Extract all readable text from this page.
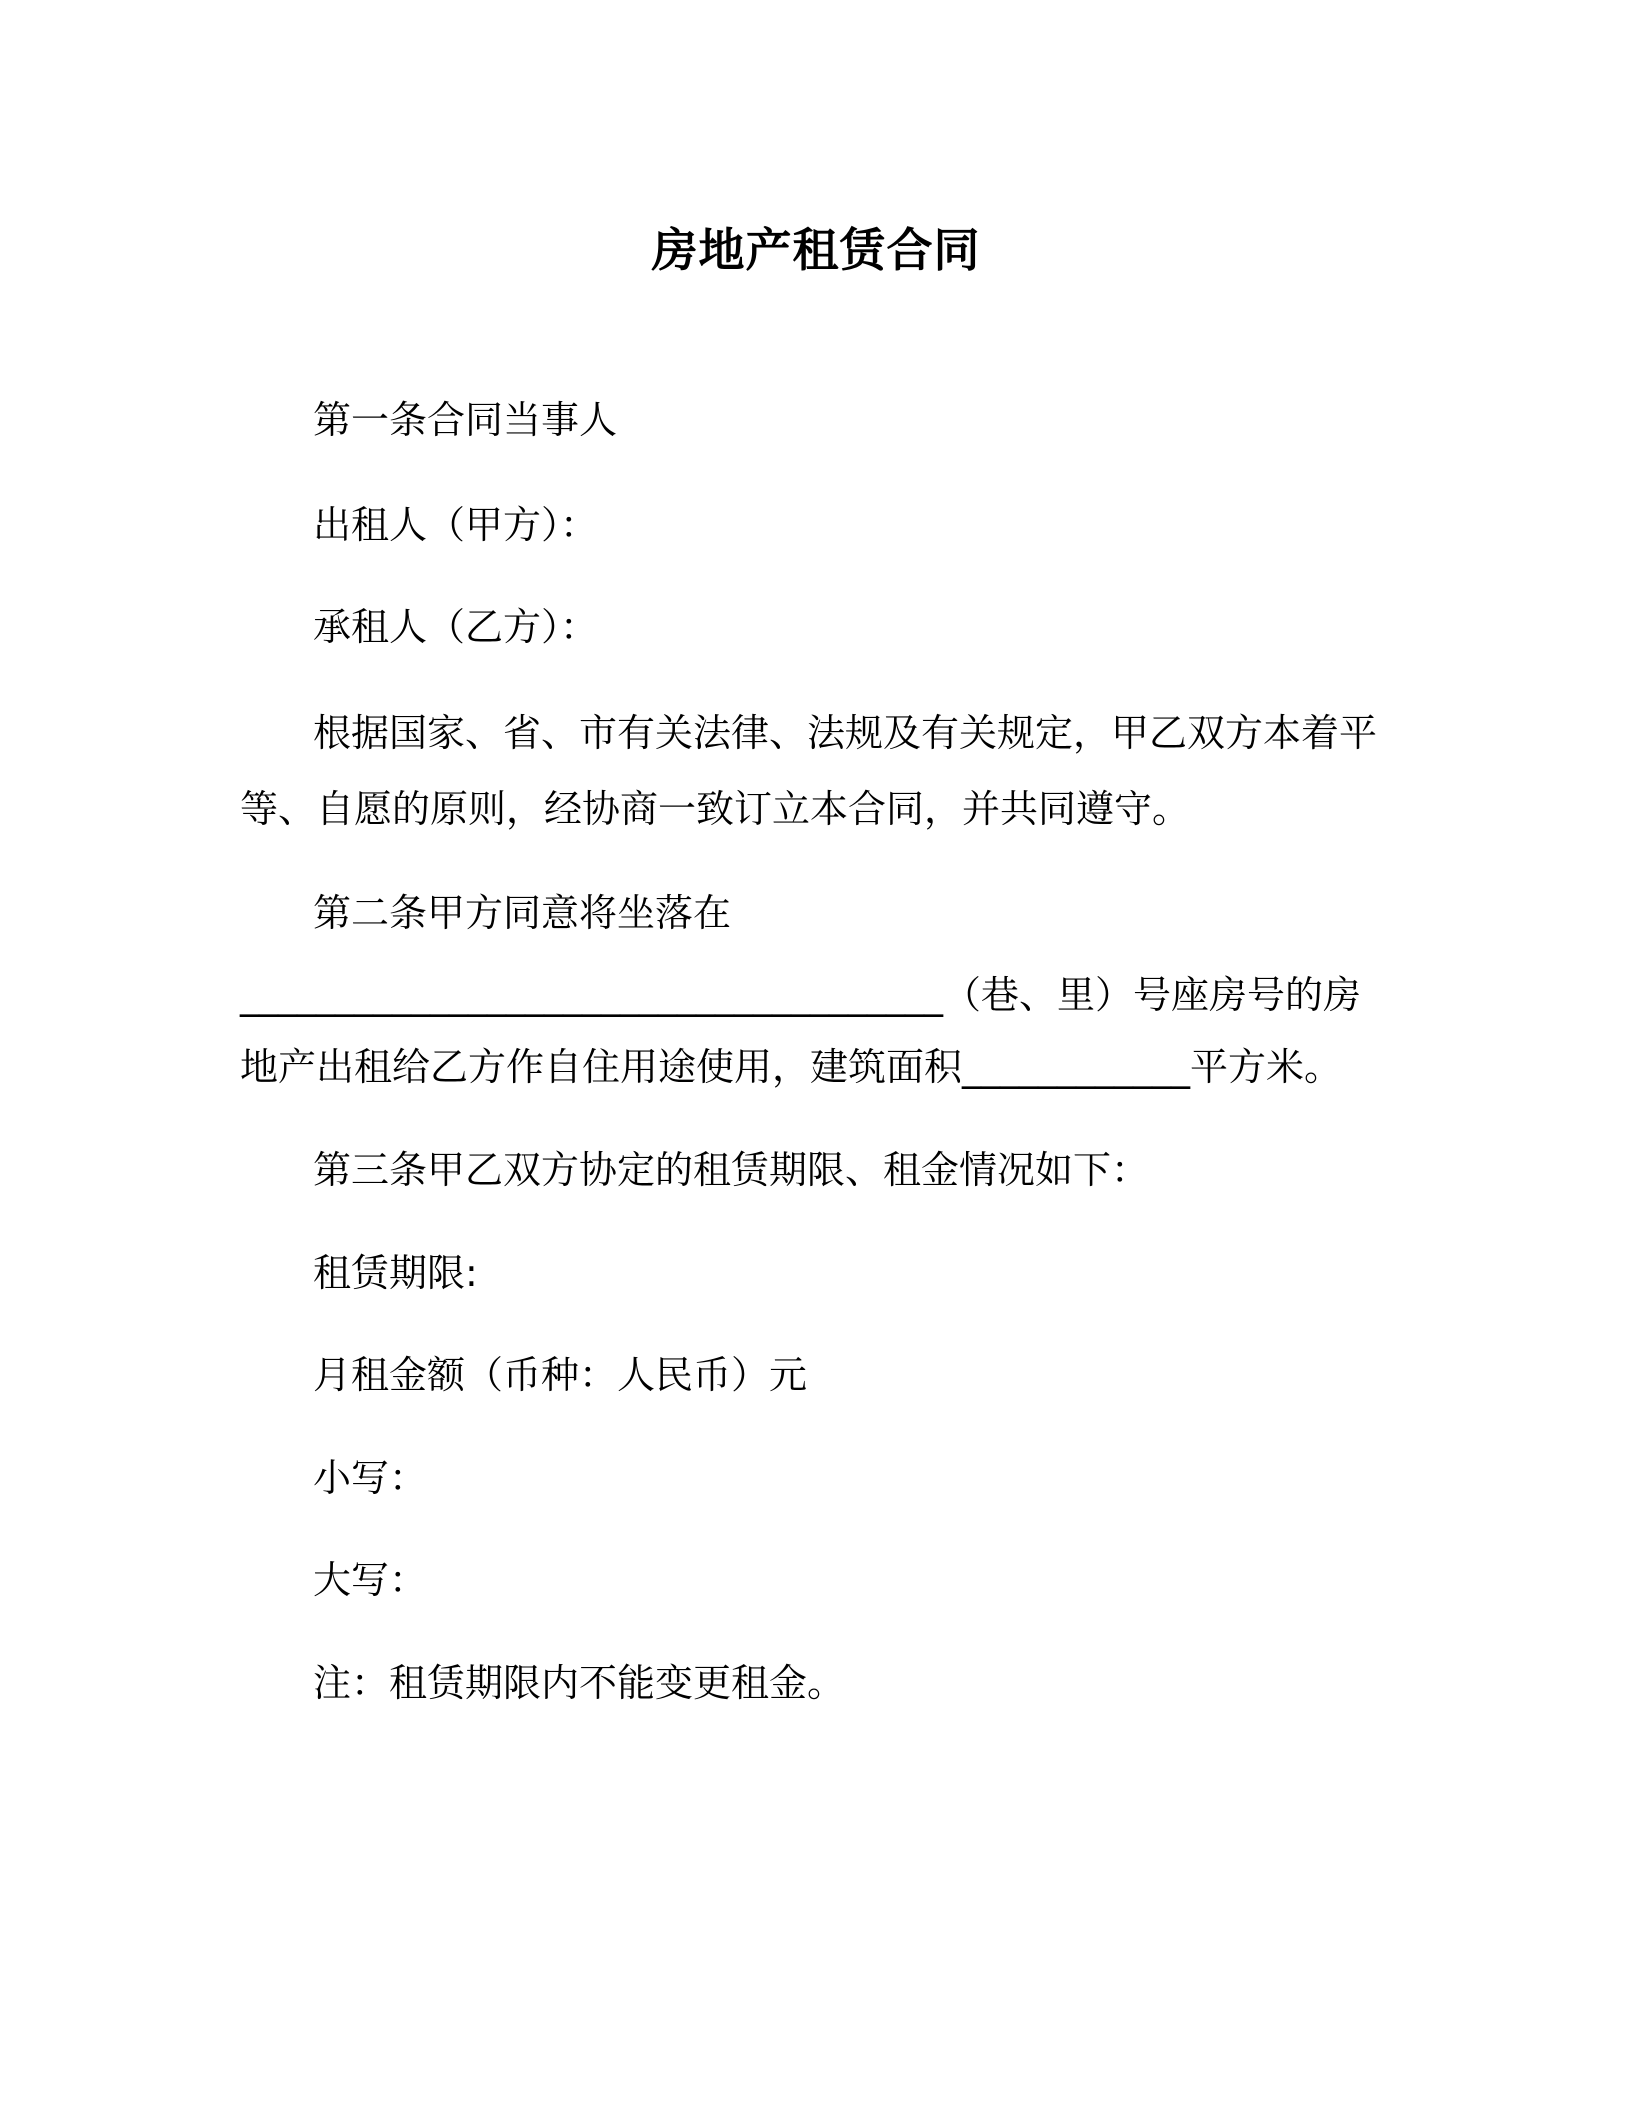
房地产租赁合同
第一条合同当事人
出租人（甲方）：
承租人（乙方）：
根据国家、省、市有关法律、法规及有关规定，甲乙双方本着平
等、自愿的原则，经协商一致订立本合同，并共同遵守。
第二条甲方同意将坐落在
_____________________________________（巷、里）号座房号的房
地产出租给乙方作自住用途使用，建筑面积____________平方米。
第三条甲乙双方协定的租赁期限、租金情况如下：
租赁期限:
月租金额（币种：人民币）元
小写：
大写：
注：租赁期限内不能变更租金。
